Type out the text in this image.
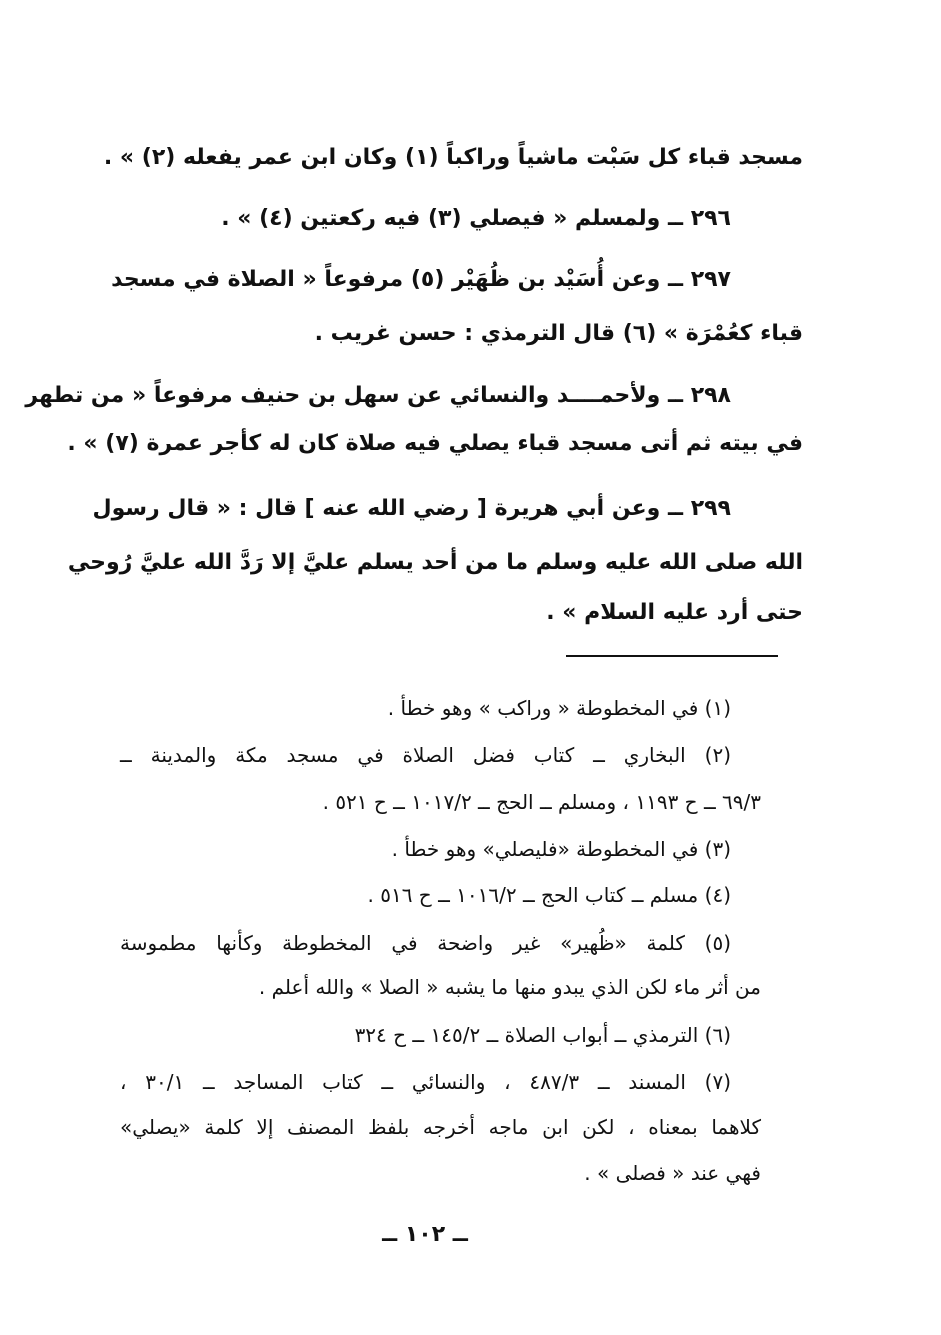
مسجد قباء كل سَبْت ماشياً وراكباً (١) وكان ابن عمر يفعله (٢) » .
٢٩٦ ــ ولمسلم « فيصلي (٣) فيه ركعتين (٤) » .
٢٩٧ ــ وعن أُسَيْد بن ظُهَيْر (٥) مرفوعاً « الصلاة في مسجد
قباء كعُمْرَة » (٦) قال الترمذي : حسن غريب .
٢٩٨ ــ ولأحمــــد والنسائي عن سهل بن حنيف مرفوعاً « من تطهر
في بيته ثم أتى مسجد قباء يصلي فيه صلاة كان له كأجر عمرة (٧) » .
٢٩٩ ــ وعن أبي هريرة [ رضي الله عنه ] قال : « قال رسول
الله صلى الله عليه وسلم ما من أحد يسلم عليَّ إلا رَدَّ الله عليَّ رُوحي
حتى أرد عليه السلام » .
(١) في المخطوطة « وراكب » وهو خطأ .
(٢) البخاري ــ كتاب فضل الصلاة في مسجد مكة والمدينة ــ
٦٩/٣ ــ ح ١١٩٣ ، ومسلم ــ الحج ــ ١٠١٧/٢ ــ ح ٥٢١ .
(٣) في المخطوطة «فليصلي» وهو خطأ .
(٤) مسلم ــ كتاب الحج ــ ١٠١٦/٢ ــ ح ٥١٦ .
(٥) كلمة «ظُهير» غير واضحة في المخطوطة وكأنها مطموسة
من أثر ماء لكن الذي يبدو منها ما يشبه « الصلا » والله أعلم .
(٦) الترمذي ــ أبواب الصلاة ــ ١٤٥/٢ ــ ح ٣٢٤
(٧) المسند ــ ٤٨٧/٣ ، والنسائي ــ كتاب المساجد ــ ٣٠/١ ،
كلاهما بمعناه ، لكن ابن ماجه أخرجه بلفظ المصنف إلا كلمة «يصلي»
فهي عند « فصلى » .
ــ ١٠٢ ــ
